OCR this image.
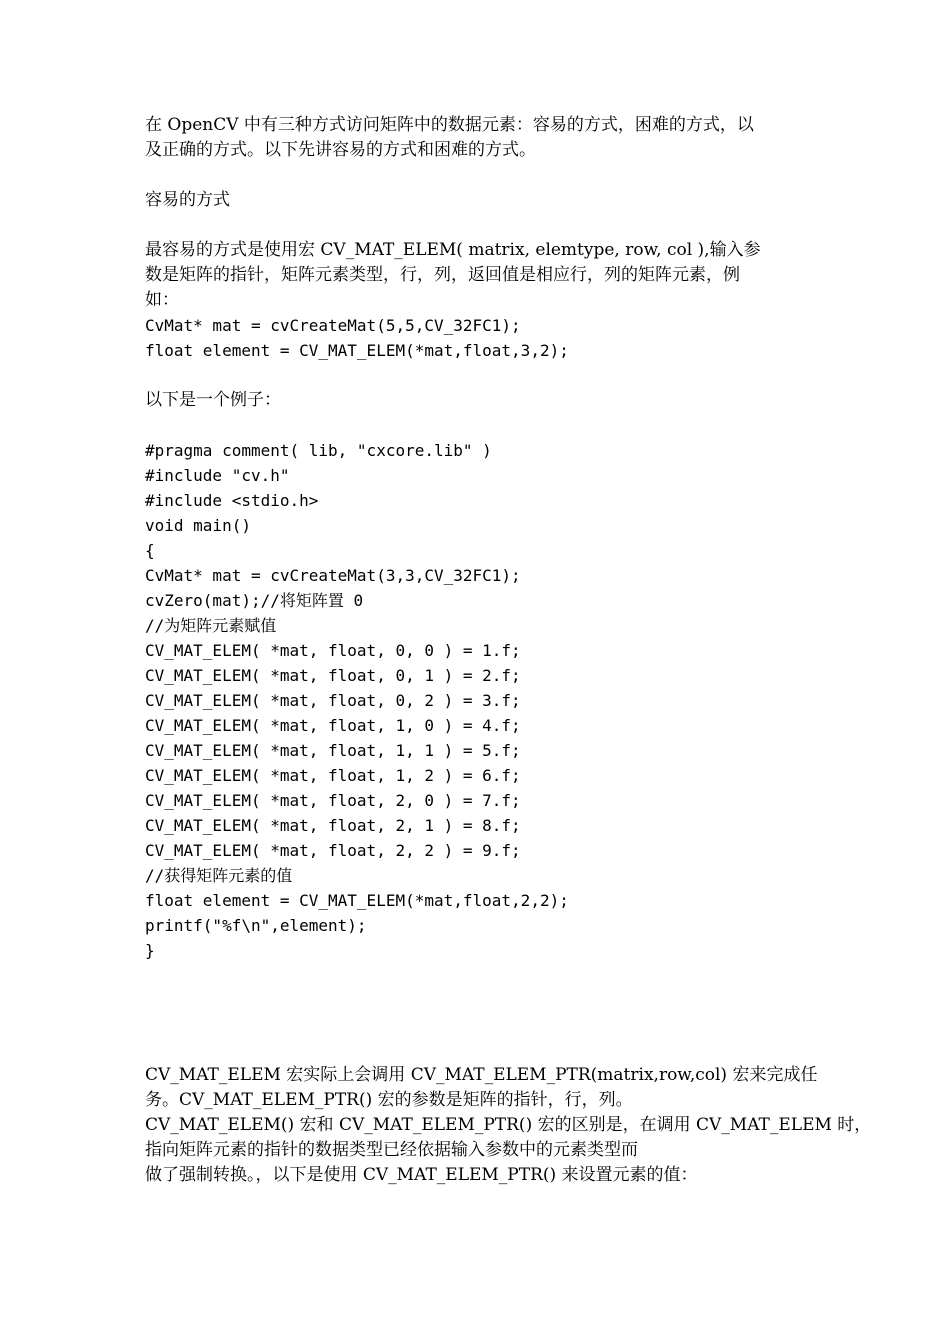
在 OpenCV 中有三种方式访问矩阵中的数据元素：容易的方式，困难的方式，以
及正确的方式。以下先讲容易的方式和困难的方式。
容易的方式
最容易的方式是使用宏 CV_MAT_ELEM( matrix, elemtype, row, col ),输入参
数是矩阵的指针，矩阵元素类型，行，列，返回值是相应行，列的矩阵元素，例
如：
CvMat* mat = cvCreateMat(5,5,CV_32FC1);
float element = CV_MAT_ELEM(*mat,float,3,2);
以下是一个例子：
#pragma comment( lib, "cxcore.lib" )
#include "cv.h"
#include <stdio.h>
void main()
{
CvMat* mat = cvCreateMat(3,3,CV_32FC1);
cvZero(mat);//将矩阵置 0
//为矩阵元素赋值
CV_MAT_ELEM( *mat, float, 0, 0 ) = 1.f;
CV_MAT_ELEM( *mat, float, 0, 1 ) = 2.f;
CV_MAT_ELEM( *mat, float, 0, 2 ) = 3.f;
CV_MAT_ELEM( *mat, float, 1, 0 ) = 4.f;
CV_MAT_ELEM( *mat, float, 1, 1 ) = 5.f;
CV_MAT_ELEM( *mat, float, 1, 2 ) = 6.f;
CV_MAT_ELEM( *mat, float, 2, 0 ) = 7.f;
CV_MAT_ELEM( *mat, float, 2, 1 ) = 8.f;
CV_MAT_ELEM( *mat, float, 2, 2 ) = 9.f;
//获得矩阵元素的值
float element = CV_MAT_ELEM(*mat,float,2,2);
printf("%f\n",element);
}
CV_MAT_ELEM 宏实际上会调用 CV_MAT_ELEM_PTR(matrix,row,col) 宏来完成任
务。CV_MAT_ELEM_PTR() 宏的参数是矩阵的指针，行，列。
CV_MAT_ELEM() 宏和 CV_MAT_ELEM_PTR() 宏的区别是，在调用 CV_MAT_ELEM 时，
指向矩阵元素的指针的数据类型已经依据输入参数中的元素类型而
做了强制转换。，以下是使用 CV_MAT_ELEM_PTR() 来设置元素的值：
